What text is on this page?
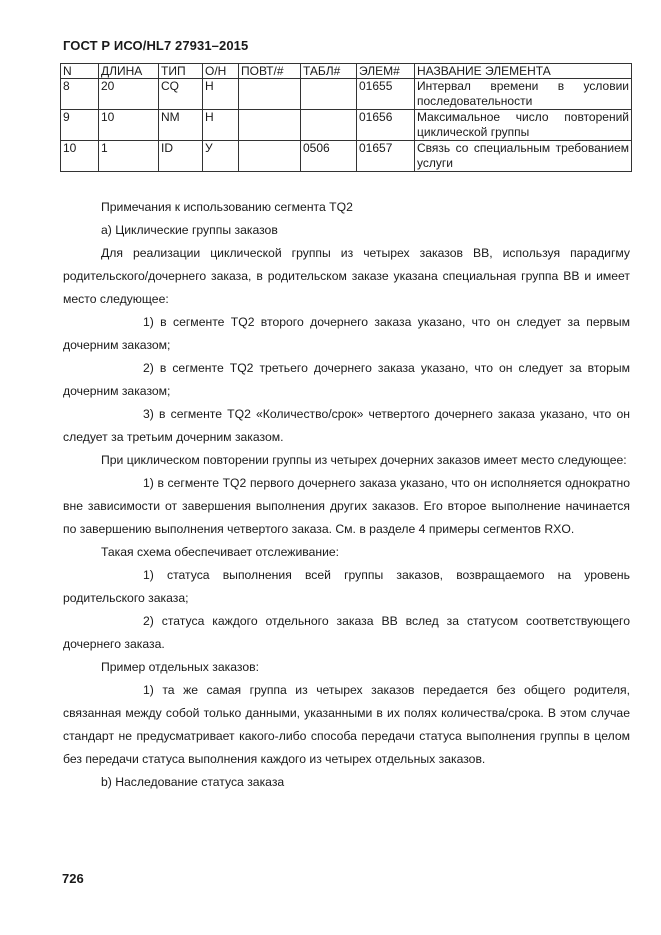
ГОСТ Р ИСО/HL7 27931–2015
N	ДЛИНА	ТИП	О/Н	ПОВТ/#	ТАБЛ#	ЭЛЕМ#	НАЗВАНИЕ ЭЛЕМЕНТА
8	20	CQ	Н			01655	Интервал времени в условии последовательности
9	10	NM	Н			01656	Максимальное число повторений циклической группы
10	1	ID	У		0506	01657	Связь со специальным требованием услуги

Примечания к использованию сегмента TQ2

a) Циклические группы заказов

Для реализации циклической группы из четырех заказов ВВ, используя парадигму родительского/дочернего заказа, в родительском заказе указана специальная группа ВВ и имеет место следующее:

1) в сегменте TQ2 второго дочернего заказа указано, что он следует за первым дочерним заказом;

2) в сегменте TQ2 третьего дочернего заказа указано, что он следует за вторым дочерним заказом;

3) в сегменте TQ2 «Количество/срок» четвертого дочернего заказа указано, что он следует за третьим дочерним заказом.

При циклическом повторении группы из четырех дочерних заказов имеет место следующее:

1) в сегменте TQ2 первого дочернего заказа указано, что он исполняется однократно вне зависимости от завершения выполнения других заказов. Его второе выполнение начинается по завершению выполнения четвертого заказа. См. в разделе 4 примеры сегментов RXO.

Такая схема обеспечивает отслеживание:

1) статуса выполнения всей группы заказов, возвращаемого на уровень родительского заказа;

2) статуса каждого отдельного заказа ВВ вслед за статусом соответствующего дочернего заказа.

Пример отдельных заказов:

1) та же самая группа из четырех заказов передается без общего родителя, связанная между собой только данными, указанными в их полях количества/срока. В этом случае стандарт не предусматривает какого-либо способа передачи статуса выполнения группы в целом без передачи статуса выполнения каждого из четырех отдельных заказов.

b) Наследование статуса заказа

726
